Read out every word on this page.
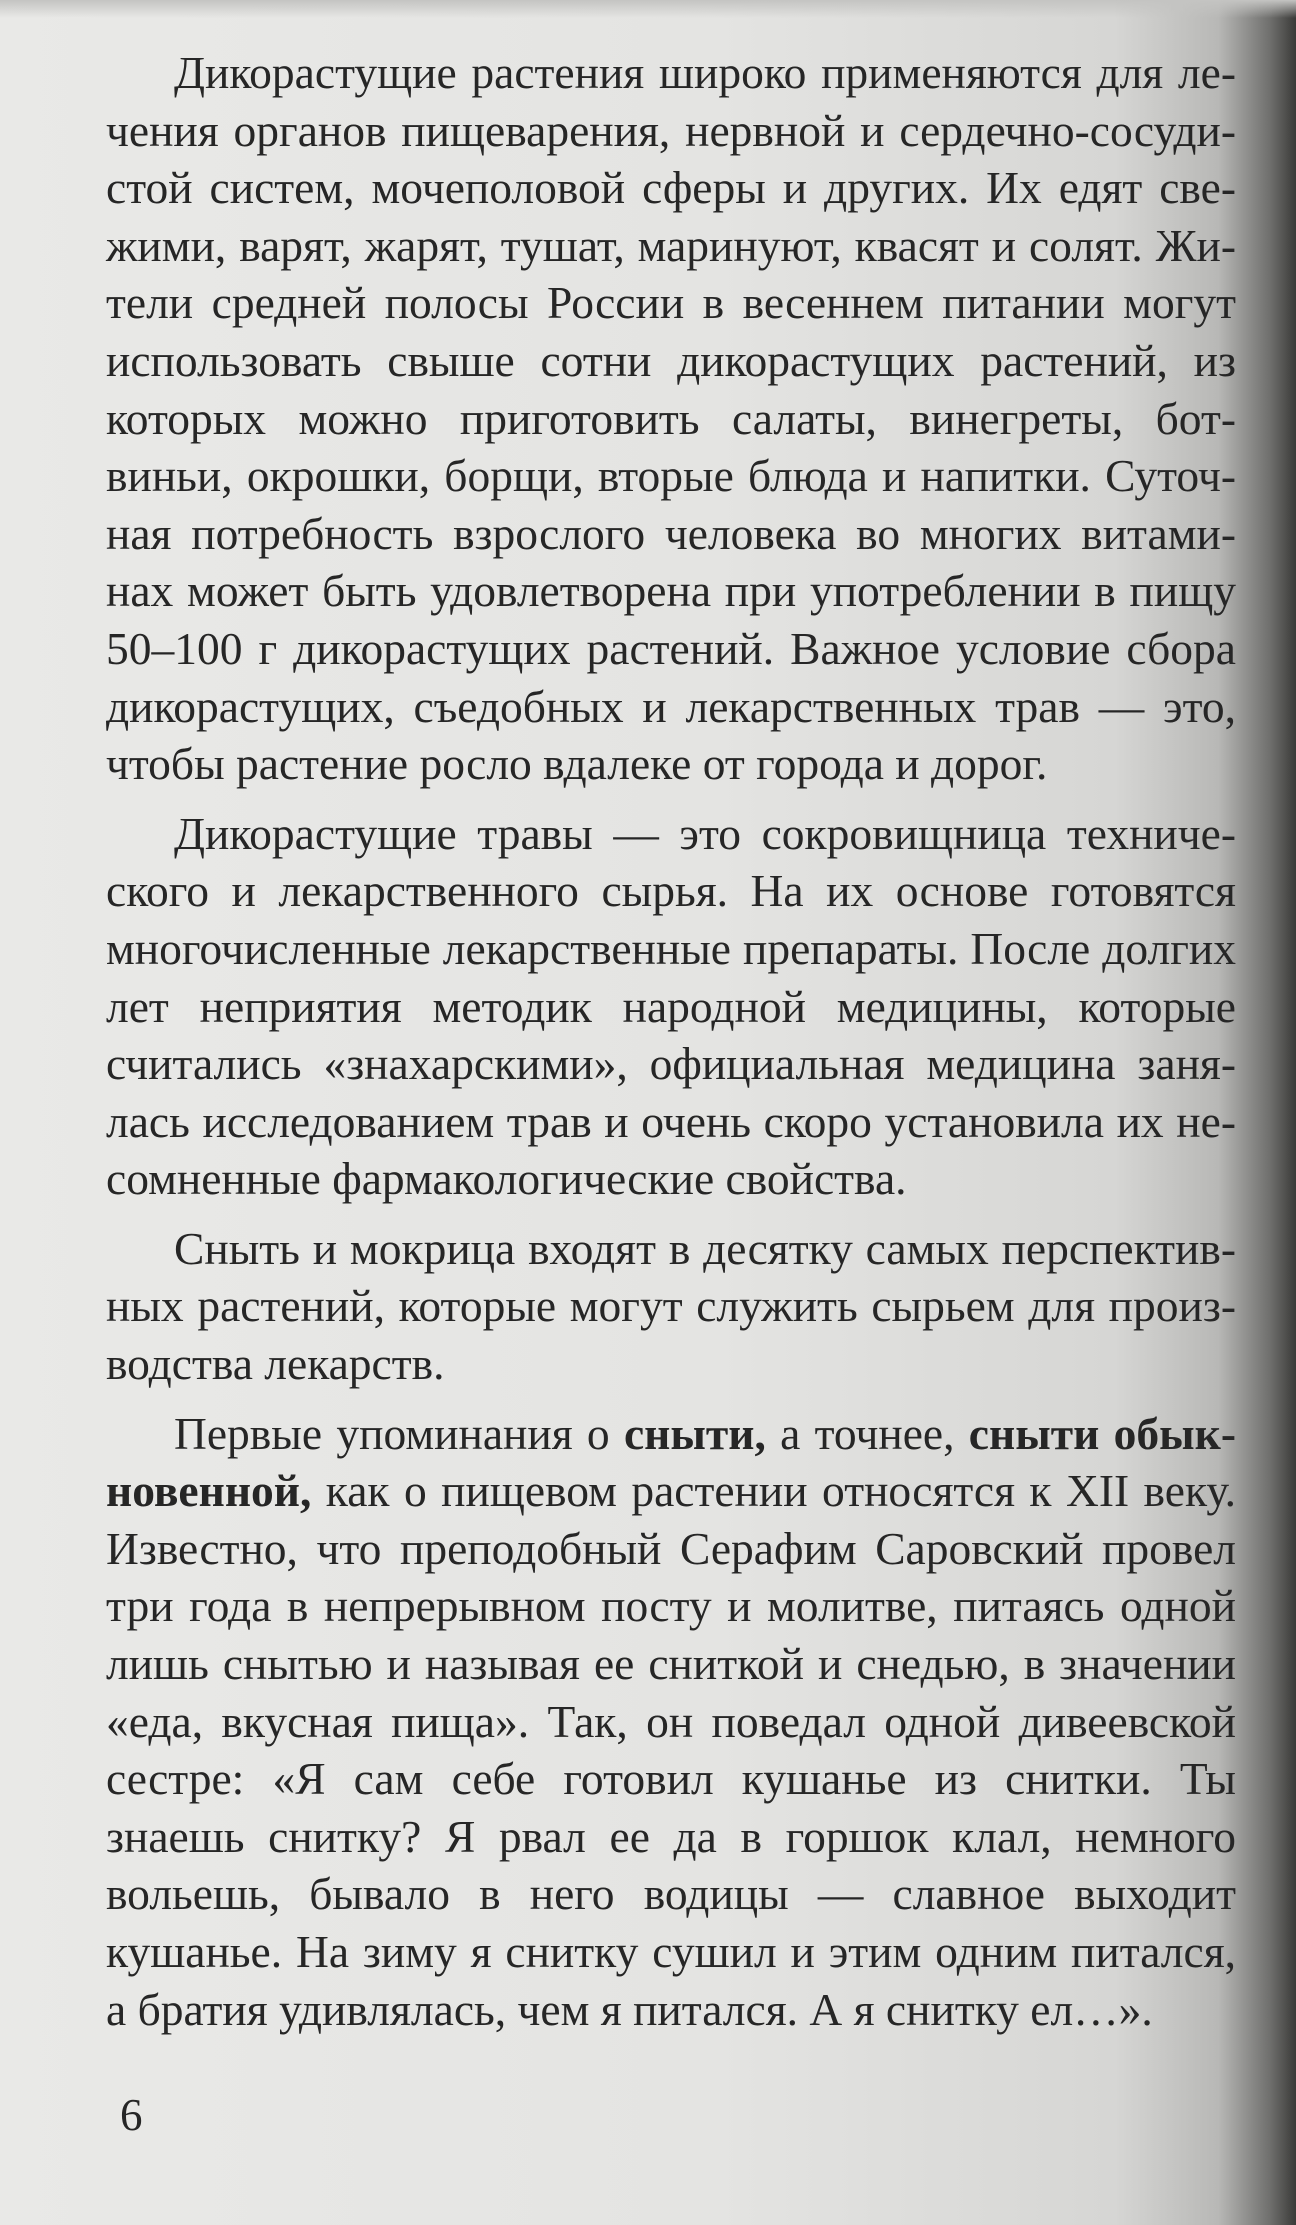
Дикорастущие растения широко применяются для лечения органов пищеварения, нервной и сердечно-сосудистой систем, мочеполовой сферы и других. Их едят свежими, варят, жарят, тушат, маринуют, квасят и солят. Жители средней полосы России в весеннем питании могут использовать свыше сотни дикорастущих растений, из которых можно приготовить салаты, винегреты, ботвиньи, окрошки, борщи, вторые блюда и напитки. Суточная потребность взрослого человека во многих витаминах может быть удовлетворена при употреблении в пищу 50–100 г дикорастущих растений. Важное условие сбора дикорастущих, съедобных и лекарственных трав — это, чтобы растение росло вдалеке от города и дорог.

Дикорастущие травы — это сокровищница технического и лекарственного сырья. На их основе готовятся многочисленные лекарственные препараты. После долгих лет неприятия методик народной медицины, которые считались «знахарскими», официальная медицина занялась исследованием трав и очень скоро установила их несомненные фармакологические свойства.

Сныть и мокрица входят в десятку самых перспективных растений, которые могут служить сырьем для производства лекарств.

Первые упоминания о сныти, а точнее, сныти обыкновенной, как о пищевом растении относятся к XII веку. Известно, что преподобный Серафим Саровский провел три года в непрерывном посту и молитве, питаясь одной лишь снытью и называя ее сниткой и снедью, в значении «еда, вкусная пища». Так, он поведал одной дивеевской сестре: «Я сам себе готовил кушанье из снитки. Ты знаешь снитку? Я рвал ее да в горшок клал, немного вольешь, бывало в него водицы — славное выходит кушанье. На зиму я снитку сушил и этим одним питался, а братия удивлялась, чем я питался. А я снитку ел…».

6
